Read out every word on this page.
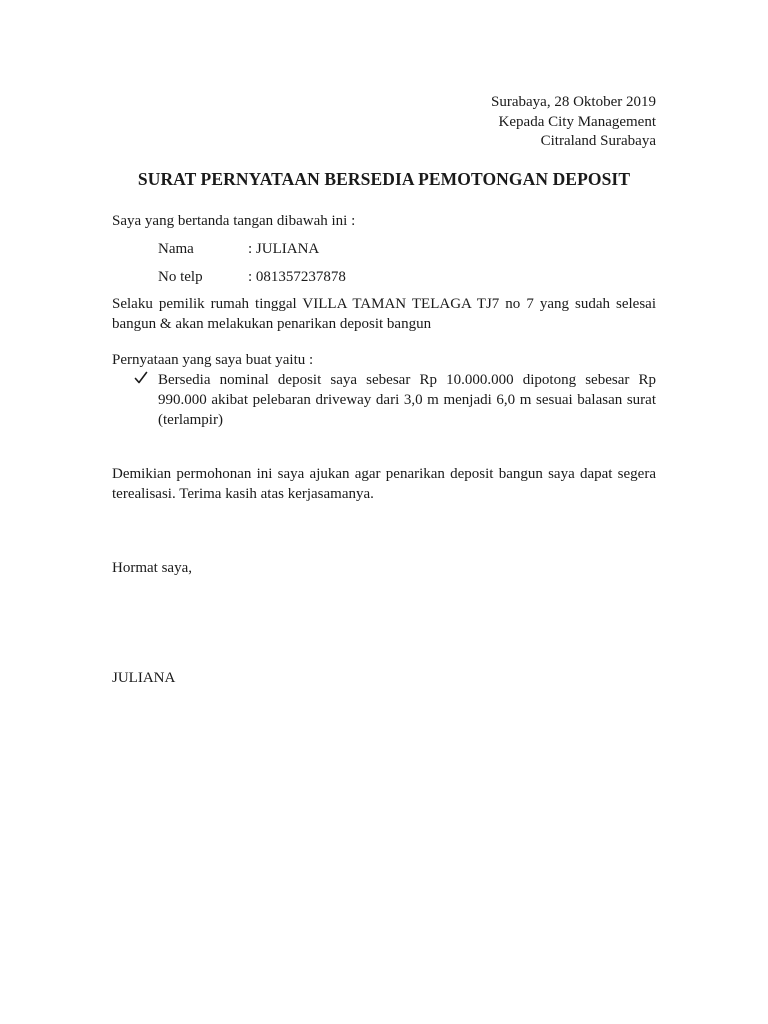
Surabaya, 28 Oktober 2019
Kepada City Management
Citraland Surabaya
SURAT PERNYATAAN BERSEDIA PEMOTONGAN DEPOSIT
Saya yang bertanda tangan dibawah ini :
Nama	: JULIANA
No telp	: 081357237878
Selaku pemilik rumah tinggal VILLA TAMAN TELAGA TJ7 no 7 yang sudah selesai bangun & akan melakukan penarikan deposit bangun
Pernyataan yang saya buat yaitu :
Bersedia nominal deposit saya sebesar Rp 10.000.000 dipotong sebesar Rp 990.000 akibat pelebaran driveway dari 3,0 m menjadi 6,0 m sesuai balasan surat (terlampir)
Demikian permohonan ini saya ajukan agar penarikan deposit bangun saya dapat segera terealisasi. Terima kasih atas kerjasamanya.
Hormat saya,
JULIANA
